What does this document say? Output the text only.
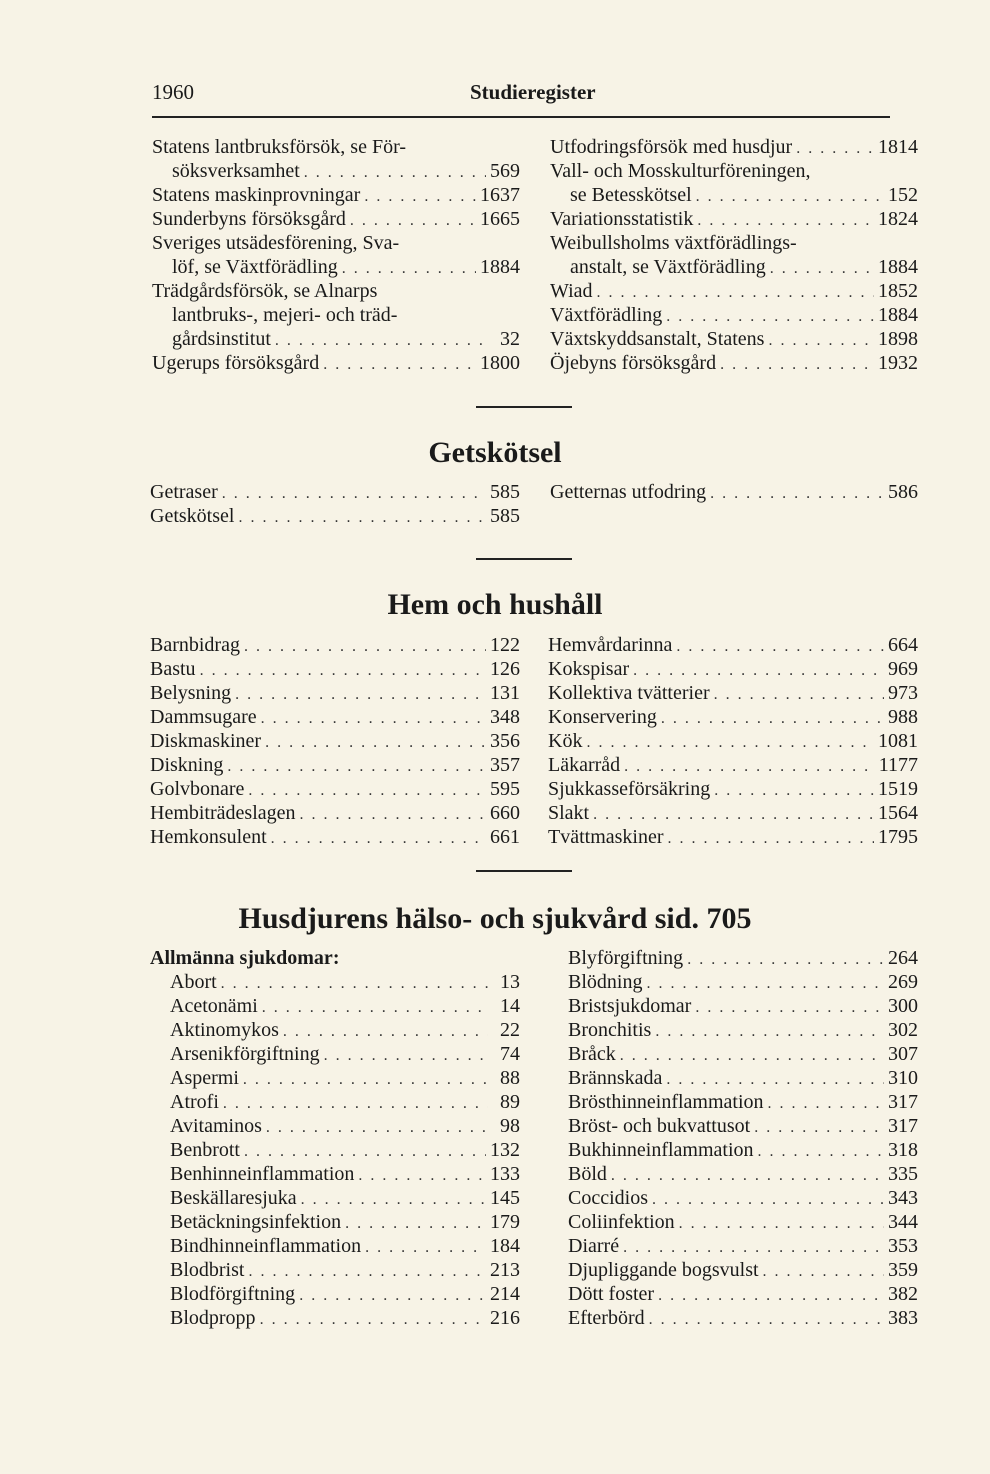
1960	Studieregister
Statens lantbruksförsök, se För-
söksverksamhet . . .	569
Statens maskinprovningar . . .	1637
Sunderbyns försöksgård . . .	1665
Sveriges utsädesförening, Sva-
löf, se Växtförädling . . .	1884
Trädgårdsförsök, se Alnarps
lantbruks-, mejeri- och träd-
gårdsinstitut . . .	32
Ugerups försöksgård . . .	1800
Utfodringsförsök med husdjur . . .	1814
Vall- och Mosskulturföreningen,
se Betesskötsel . . .	152
Variationsstatistik . . .	1824
Weibullsholms växtförädlings-
anstalt, se Växtförädling . . .	1884
Wiad . . .	1852
Växtförädling . . .	1884
Växtskyddsanstalt, Statens . . .	1898
Öjebyns försöksgård . . .	1932
Getskötsel
Getraser . . .	585
Getskötsel . . .	585
Getternas utfodring . . .	586
Hem och hushåll
Barnbidrag . . .	122
Bastu . . .	126
Belysning . . .	131
Dammsugare . . .	348
Diskmaskiner . . .	356
Diskning . . .	357
Golvbonare . . .	595
Hembiträdeslagen . . .	660
Hemkonsulent . . .	661
Hemvårdarinna . . .	664
Kokspisar . . .	969
Kollektiva tvätterier . . .	973
Konservering . . .	988
Kök . . .	1081
Läkarråd . . .	1177
Sjukkasseförsäkring . . .	1519
Slakt . . .	1564
Tvättmaskiner . . .	1795
Husdjurens hälso- och sjukvård sid. 705
Allmänna sjukdomar:
Abort . . .	13
Acetonämi . . .	14
Aktinomykos . . .	22
Arsenikförgiftning . . .	74
Aspermi . . .	88
Atrofi . . .	89
Avitaminos . . .	98
Benbrott . . .	132
Benhinneinflammation . . .	133
Beskällaresjuka . . .	145
Betäckningsinfektion . . .	179
Bindhinneinflammation . . .	184
Blodbrist . . .	213
Blodförgiftning . . .	214
Blodpropp . . .	216
Blyförgiftning . . .	264
Blödning . . .	269
Bristsjukdomar . . .	300
Bronchitis . . .	302
Bråck . . .	307
Brännskada . . .	310
Brösthinneinflammation . . .	317
Bröst- och bukvattusot . . .	317
Bukhinneinflammation . . .	318
Böld . . .	335
Coccidios . . .	343
Coliinfektion . . .	344
Diarré . . .	353
Djupliggande bogsvulst . . .	359
Dött foster . . .	382
Efterbörd . . .	383
